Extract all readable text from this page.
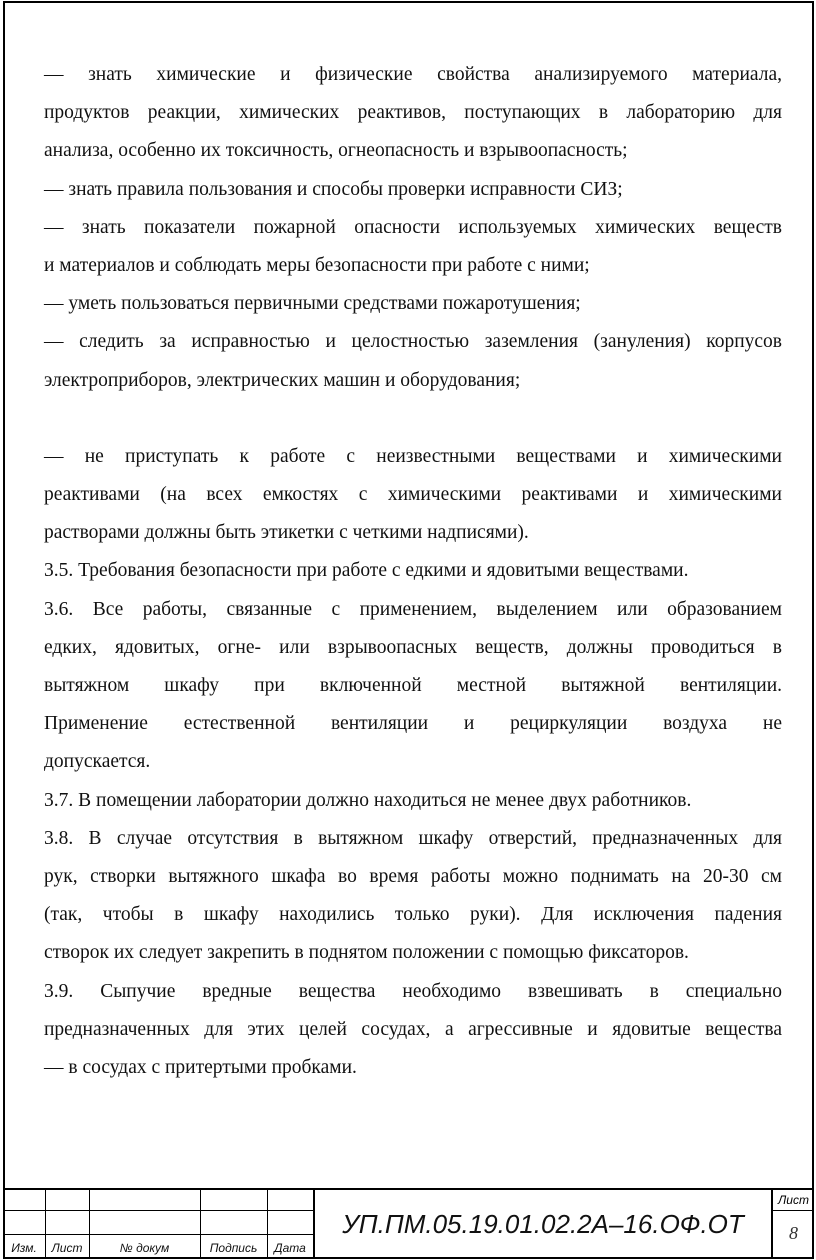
— знать химические и физические свойства анализируемого материала,

продуктов реакции, химических реактивов, поступающих в лабораторию для

анализа, особенно их токсичность, огнеопасность и взрывоопасность;

— знать правила пользования и способы проверки исправности СИЗ;

— знать показатели пожарной опасности используемых химических веществ

и материалов и соблюдать меры безопасности при работе с ними;

— уметь пользоваться первичными средствами пожаротушения;

— следить за исправностью и целостностью заземления (зануления) корпусов

электроприборов, электрических машин и оборудования;

— не приступать к работе с неизвестными веществами и химическими

реактивами (на всех емкостях с химическими реактивами и химическими

растворами должны быть этикетки с четкими надписями).

3.5. Требования безопасности при работе с едкими и ядовитыми веществами.

3.6. Все работы, связанные с применением, выделением или образованием

едких, ядовитых, огне- или взрывоопасных веществ, должны проводиться в

вытяжном шкафу при включенной местной вытяжной вентиляции.

Применение естественной вентиляции и рециркуляции воздуха не

допускается.

3.7. В помещении лаборатории должно находиться не менее двух работников.

3.8. В случае отсутствия в вытяжном шкафу отверстий, предназначенных для

рук, створки вытяжного шкафа во время работы можно поднимать на 20-30 см

(так, чтобы в шкафу находились только руки). Для исключения падения

створок их следует закрепить в поднятом положении с помощью фиксаторов.

3.9. Сыпучие вредные вещества необходимо взвешивать в специально

предназначенных для этих целей сосудах, а агрессивные и ядовитые вещества

— в сосудах с притертыми пробками.

Изм.	Лист	№ докум	Подпись	Дата
УП.ПМ.05.19.01.02.2А–16.ОФ.ОТ
Лист
8
